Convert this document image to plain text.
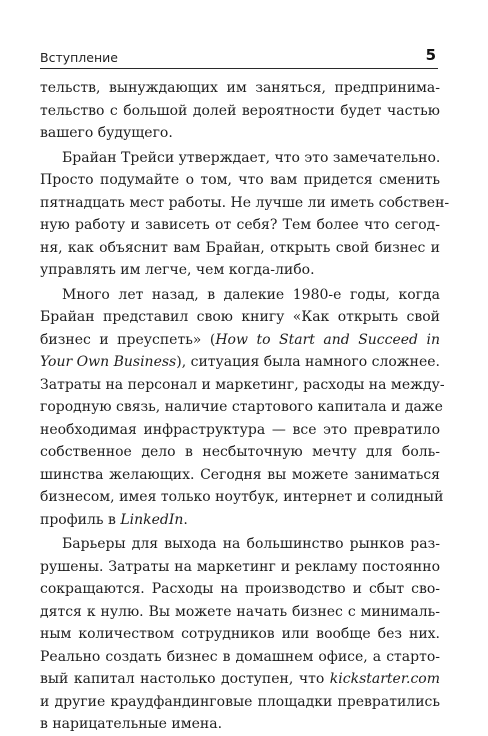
Вступление	5

тельств, вынуждающих им заняться, предпринима-
тельство с большой долей вероятности будет частью
вашего будущего.

Брайан Трейси утверждает, что это замечательно.
Просто подумайте о том, что вам придется сменить
пятнадцать мест работы. Не лучше ли иметь собствен-
ную работу и зависеть от себя? Тем более что сегод-
ня, как объяснит вам Брайан, открыть свой бизнес и
управлять им легче, чем когда-либо.

Много лет назад, в далекие 1980-е годы, когда
Брайан представил свою книгу «Как открыть свой
бизнес и преуспеть» (How to Start and Succeed in
Your Own Business), ситуация была намного сложнее.
Затраты на персонал и маркетинг, расходы на между-
городную связь, наличие стартового капитала и даже
необходимая инфраструктура — все это превратило
собственное дело в несбыточную мечту для боль-
шинства желающих. Сегодня вы можете заниматься
бизнесом, имея только ноутбук, интернет и солидный
профиль в LinkedIn.

Барьеры для выхода на большинство рынков раз-
рушены. Затраты на маркетинг и рекламу постоянно
сокращаются. Расходы на производство и сбыт сво-
дятся к нулю. Вы можете начать бизнес с минималь-
ным количеством сотрудников или вообще без них.
Реально создать бизнес в домашнем офисе, а старто-
вый капитал настолько доступен, что kickstarter.com
и другие краудфандинговые площадки превратились
в нарицательные имена.
